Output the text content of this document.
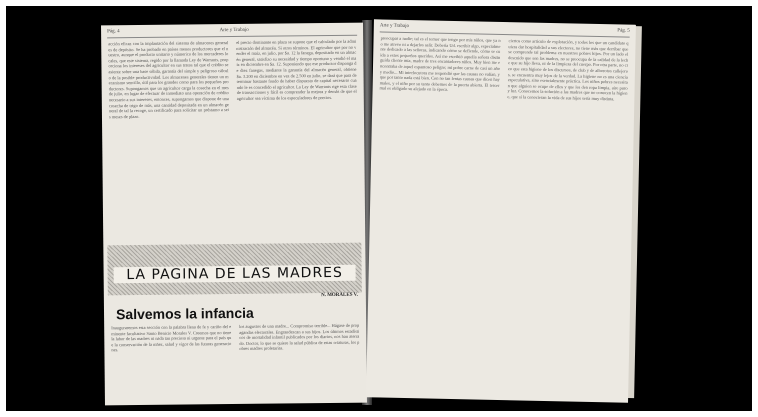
Pág. 4	Arte y Trabajo
acción eficaz con la implantación del sistema de almacenes generales de depósito. Se ha probado en países menos productores que el nuestro, aunque el producto unitario y númerico de los mercaderes locales, que este sistema, regido por la llamada Ley de Warrants, proporciona los intereses del agricultor en sus tratos tal que el crédito se asiente sobre una base sólida, garantía del simple y peligroso cálculo de la posible productividad. Los almacenes generales tienen un mecanismo sencillo, útil para los grandes como para los pequeños productores. Supongamos que un agricultor carga la cosecha en el mes de julio, en lugar de efectuar de inmediato una operación de crédito necesario a sus intereses, entonces, supongamos que dispone de una cosecha de trigo de más, una cantidad depositada en un almacén general de tal la recoge, un certificado para solicitar un préstamo a seis meses de plazo.
el precio dominante en plaza se supone que el calculado por la administración del almacén. Si otros términos. El agricultor que por no vender el maíz, en julio, por $a. 12 la fanega, depositado en un almacén general, satisfizo su necesidad y tiempo oportuno y vendió el maíz en diciembre en $a. 12. Suponiendo que ese productor disponga de diez fanegas, mediante la garantía del almacén general, obtiene $a. 3.200 en diciembre en vez de 2.500 en julio, se dará que para determinar bastante fondo de haber dispuesto de capital necesario cuando le es concedido el agricultor. La Ley de Warrants rige esta clase de transacciones y fácil es comprender la mejora y demás de que el agricultor sea víctima de los especuladores de precios.
LA PAGINA DE LAS MADRES
N. MORALES V.
Salvemos la infancia
Inauguraremos esta sección con la palabra llena de fe y cariño del eminente facultativo Santo Benicio Morales V. Creemos que no tiene la labor de las madres ni nada tan preciosa ni urgente para el país que la conservación de la niñez, salud y vigor de las futuras generaciones.
los augustos de una madre... Compromiso terrible... Hágase de propagandas electorales. Engrandezcan a sus hijos. Los últimos estadísticos de mortalidad infantil publicados por los diarios, nos han aterrado. Doctor, lo que se quiere la salud pública de estas criaturas, los pobres madres proletarias.
Arte y Trabajo
Pág. 5
preocupar a nadie; tal es el temor que tengo por mis niños, que ya no me atrevo ni a dejarlos salir. Debería Ud. escribir algo, especialmente dedicado a las señoras, indicando cómo se defiende, cómo se cuida a estos pequeños queridos. Así me escribió aquella señora distinguida cliente mía, madre de tres encantadores niños. Muy bien me encontraba de aquel espantoso peligro; mi pobre carne de casi un año y medio... Mi interlocutora me respondió que las causas no valían, y que por tanto nada está bien. Con no tan lentas causas que dicen hay males, y el niño por su tanto debemos de la puerta abierta. El tercer mal es obligado su alejado en la época.
ciertos como artículo de explotación, y todos los que un candidato quiera dar hospitalidad a sus electores, no tiene más que derribar que se comprende tal problema en nuestros pobres hijos. Por un lado el descuido que son las madres, no se preocupa de la calidad de la leche que su hijo lleva, ni de la limpieza del cuerpo. Por otra parte, no creo que esta higiene de los discursos, de club y de alborotos callejeros, se encuentra muy lejos de la verdad. La higiene no es una ciencia especulativa, sino esencialmente práctica. Los niños pobres necesitan que alguien se ocupe de ellos y que les den ropa limpia, aire puro y luz. Conocemos la solución a las madres que no conocen la higiene, que si la conocieran la vida de sus hijos sería muy distinta.
